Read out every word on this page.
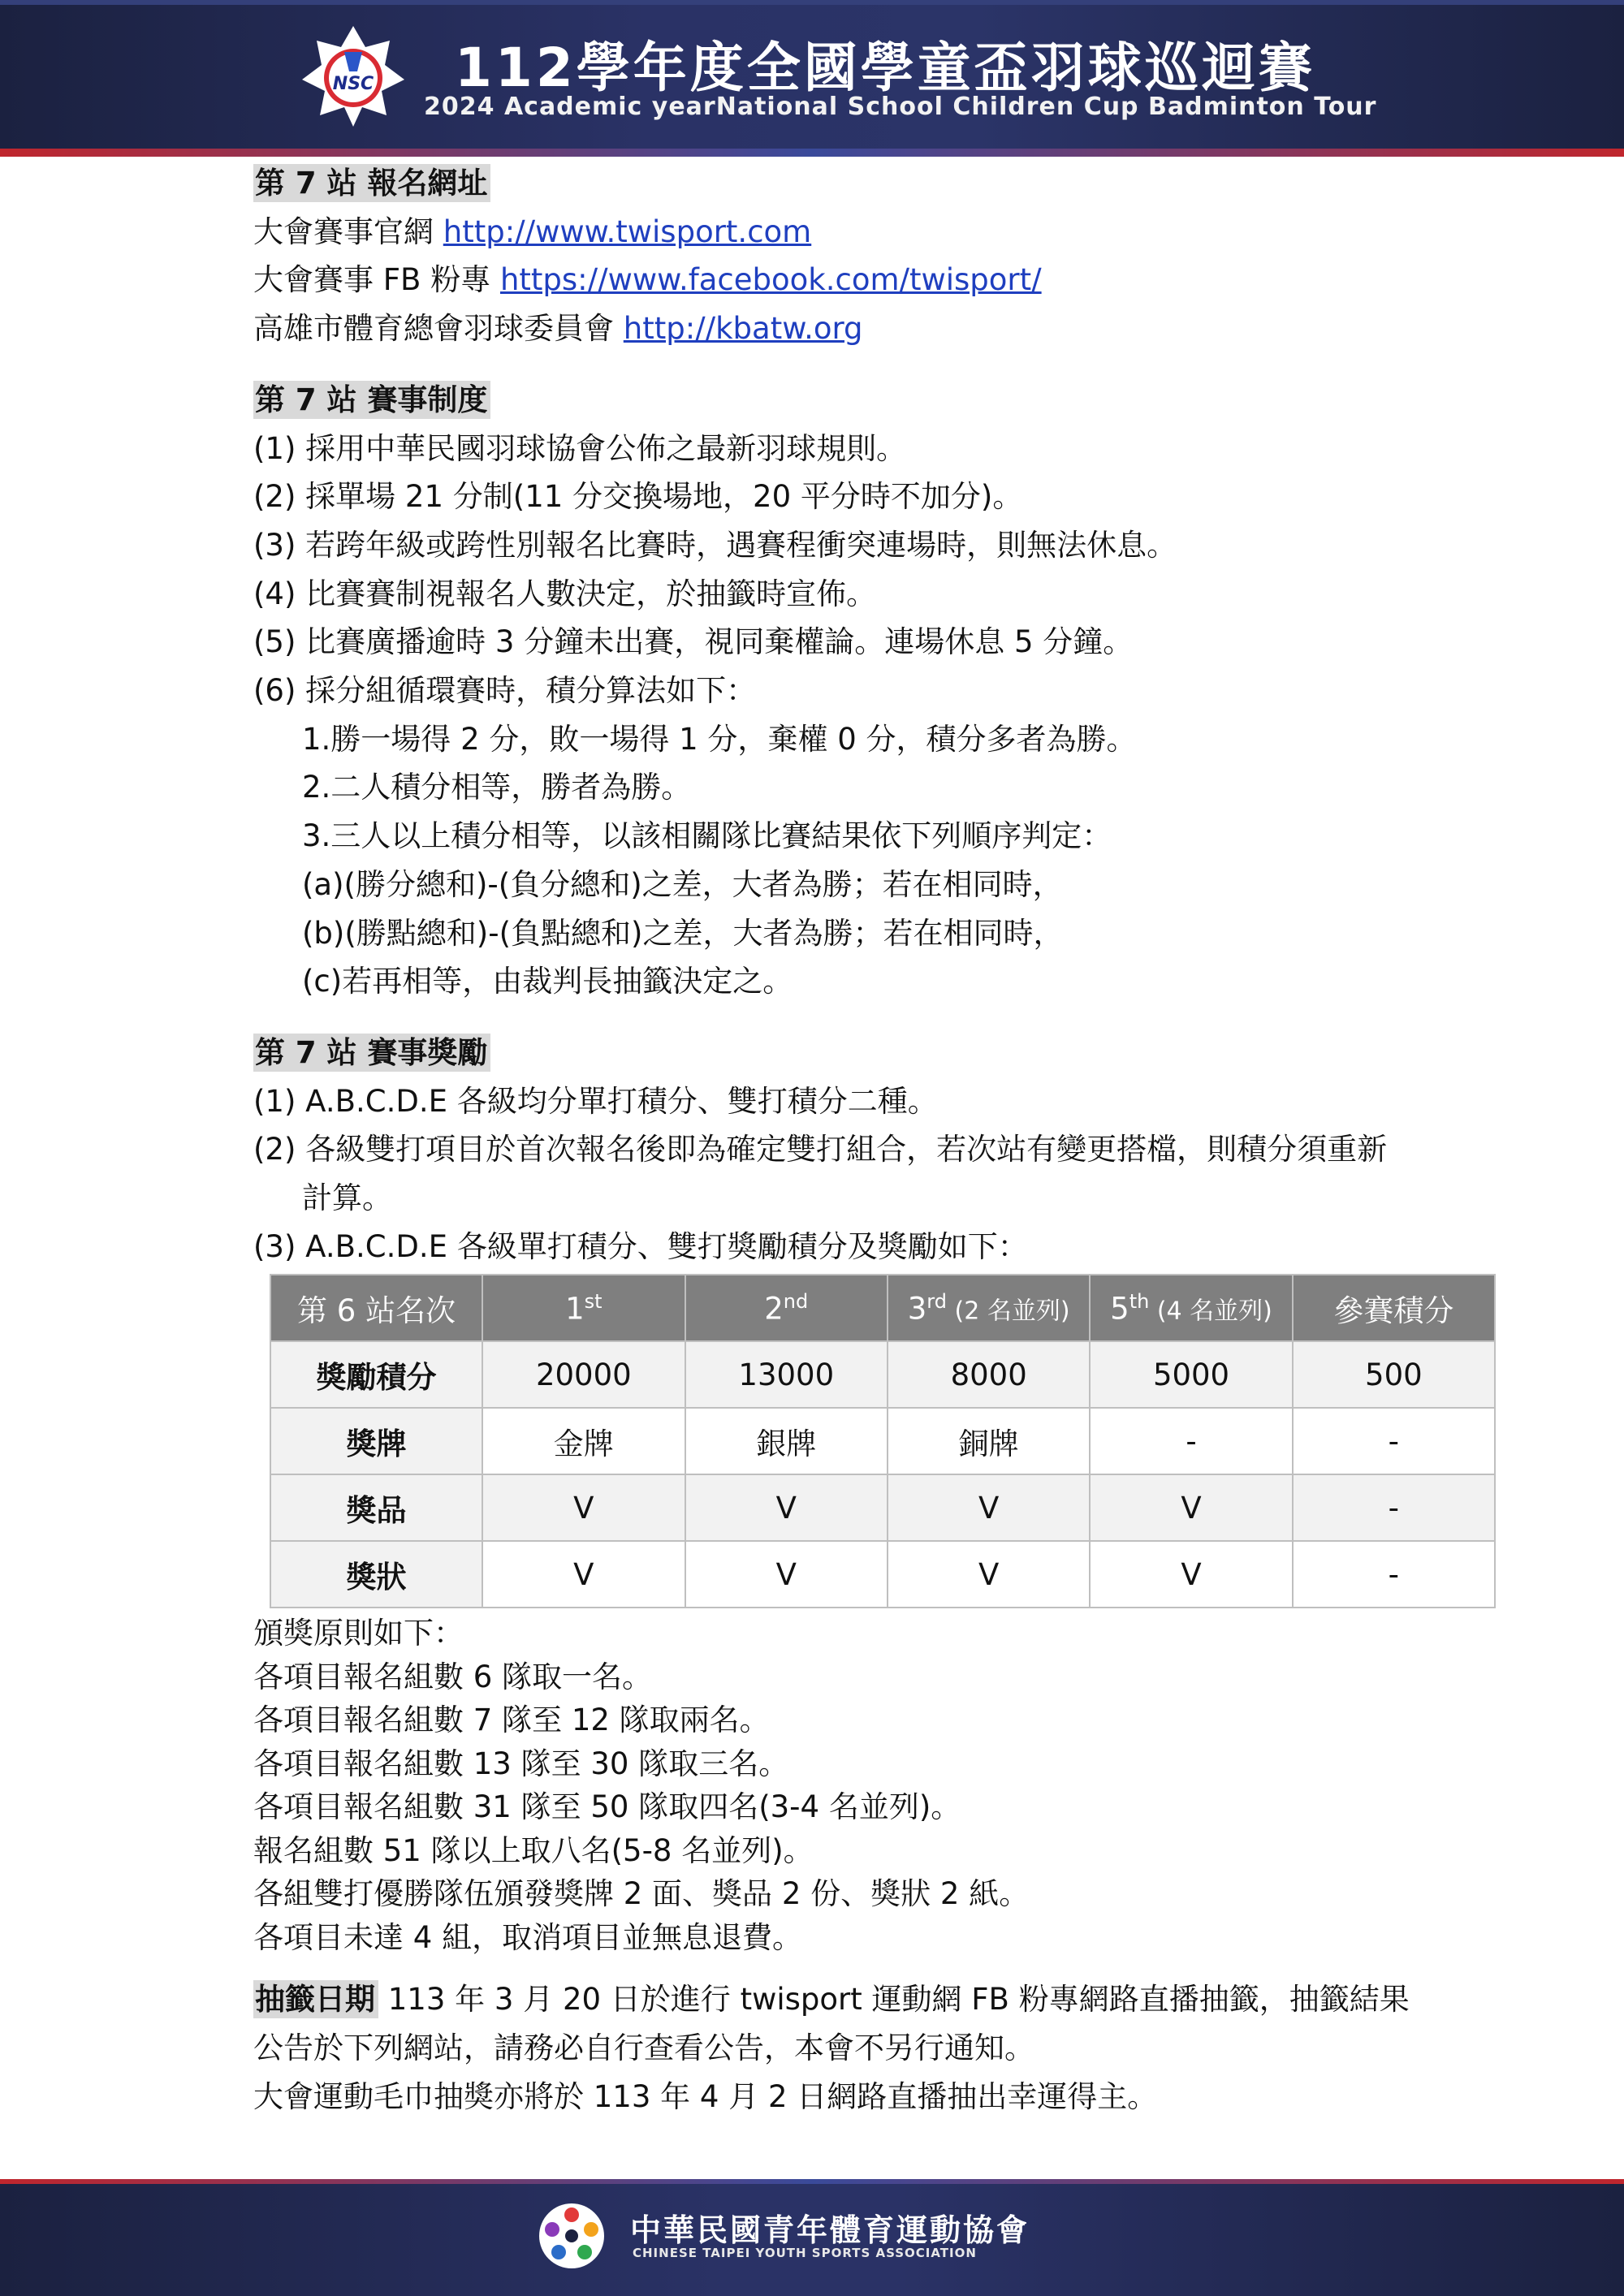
NSC 112學年度全國學童盃羽球巡迴賽
2024 Academic yearNational School Children Cup Badminton Tour
第 7 站 報名網址
大會賽事官網 http://www.twisport.com
大會賽事 FB 粉專 https://www.facebook.com/twisport/
高雄市體育總會羽球委員會 http://kbatw.org
第 7 站 賽事制度
(1) 採用中華民國羽球協會公佈之最新羽球規則。
(2) 採單場 21 分制(11 分交換場地，20 平分時不加分)。
(3) 若跨年級或跨性別報名比賽時，遇賽程衝突連場時，則無法休息。
(4) 比賽賽制視報名人數決定，於抽籤時宣佈。
(5) 比賽廣播逾時 3 分鐘未出賽，視同棄權論。連場休息 5 分鐘。
(6) 採分組循環賽時，積分算法如下：
1.勝一場得 2 分，敗一場得 1 分，棄權 0 分，積分多者為勝。
2.二人積分相等，勝者為勝。
3.三人以上積分相等，以該相關隊比賽結果依下列順序判定：
(a)(勝分總和)-(負分總和)之差，大者為勝；若在相同時，
(b)(勝點總和)-(負點總和)之差，大者為勝；若在相同時，
(c)若再相等，由裁判長抽籤決定之。
第 7 站 賽事獎勵
(1) A.B.C.D.E 各級均分單打積分、雙打積分二種。
(2) 各級雙打項目於首次報名後即為確定雙打組合，若次站有變更搭檔，則積分須重新
計算。
(3) A.B.C.D.E 各級單打積分、雙打獎勵積分及獎勵如下：
第 6 站名次	1st	2nd	3rd (2 名並列)	5th (4 名並列)	參賽積分
獎勵積分	20000	13000	8000	5000	500
獎牌	金牌	銀牌	銅牌	-	-
獎品	V	V	V	V	-
獎狀	V	V	V	V	-
頒獎原則如下：
各項目報名組數 6 隊取一名。
各項目報名組數 7 隊至 12 隊取兩名。
各項目報名組數 13 隊至 30 隊取三名。
各項目報名組數 31 隊至 50 隊取四名(3-4 名並列)。
報名組數 51 隊以上取八名(5-8 名並列)。
各組雙打優勝隊伍頒發獎牌 2 面、獎品 2 份、獎狀 2 紙。
各項目未達 4 組，取消項目並無息退費。
抽籤日期 113 年 3 月 20 日於進行 twisport 運動網 FB 粉專網路直播抽籤，抽籤結果
公告於下列網站，請務必自行查看公告，本會不另行通知。
大會運動毛巾抽獎亦將於 113 年 4 月 2 日網路直播抽出幸運得主。
中華民國青年體育運動協會
CHINESE TAIPEI YOUTH SPORTS ASSOCIATION
